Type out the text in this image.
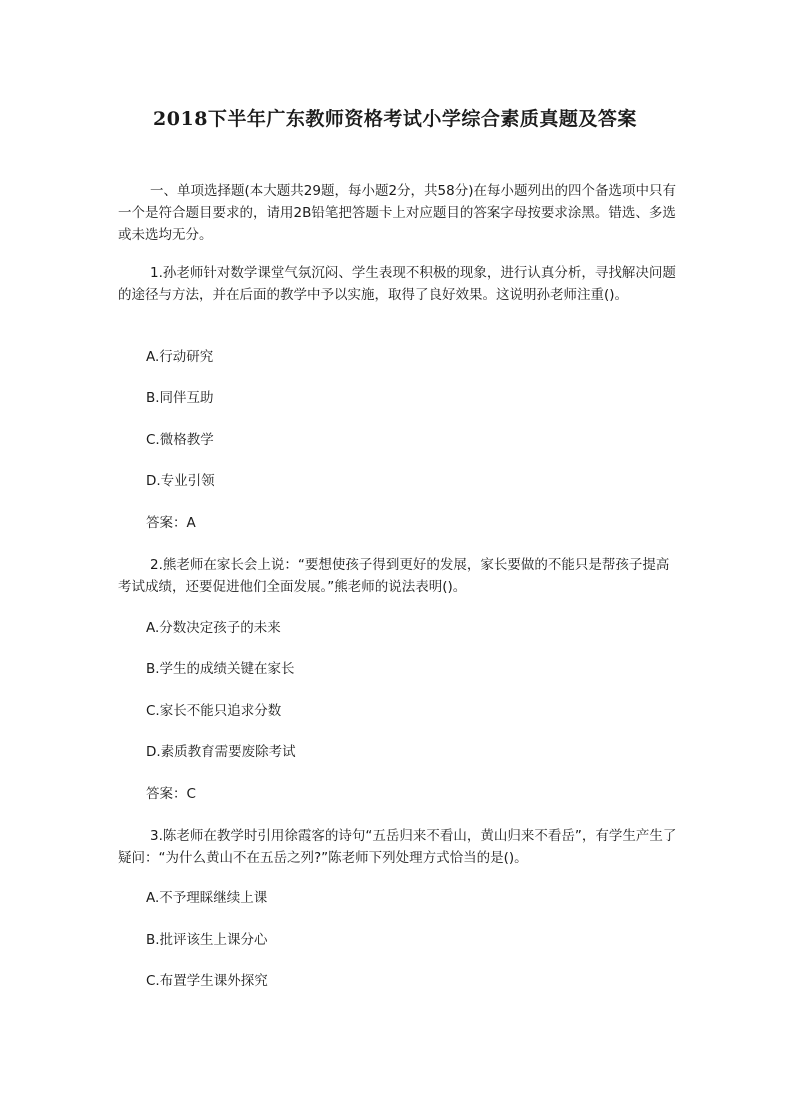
2018下半年广东教师资格考试小学综合素质真题及答案

一、单项选择题(本大题共29题，每小题2分，共58分)在每小题列出的四个备选项中只有一个是符合题目要求的，请用2B铅笔把答题卡上对应题目的答案字母按要求涂黑。错选、多选或未选均无分。

1.孙老师针对数学课堂气氛沉闷、学生表现不积极的现象，进行认真分析，寻找解决问题的途径与方法，并在后面的教学中予以实施，取得了良好效果。这说明孙老师注重()。

A.行动研究
B.同伴互助
C.微格教学
D.专业引领
答案：A

2.熊老师在家长会上说：“要想使孩子得到更好的发展，家长要做的不能只是帮孩子提高考试成绩，还要促进他们全面发展。”熊老师的说法表明()。

A.分数决定孩子的未来
B.学生的成绩关键在家长
C.家长不能只追求分数
D.素质教育需要废除考试
答案：C

3.陈老师在教学时引用徐霞客的诗句“五岳归来不看山，黄山归来不看岳”，有学生产生了疑问：“为什么黄山不在五岳之列?”陈老师下列处理方式恰当的是()。

A.不予理睬继续上课
B.批评该生上课分心
C.布置学生课外探究
